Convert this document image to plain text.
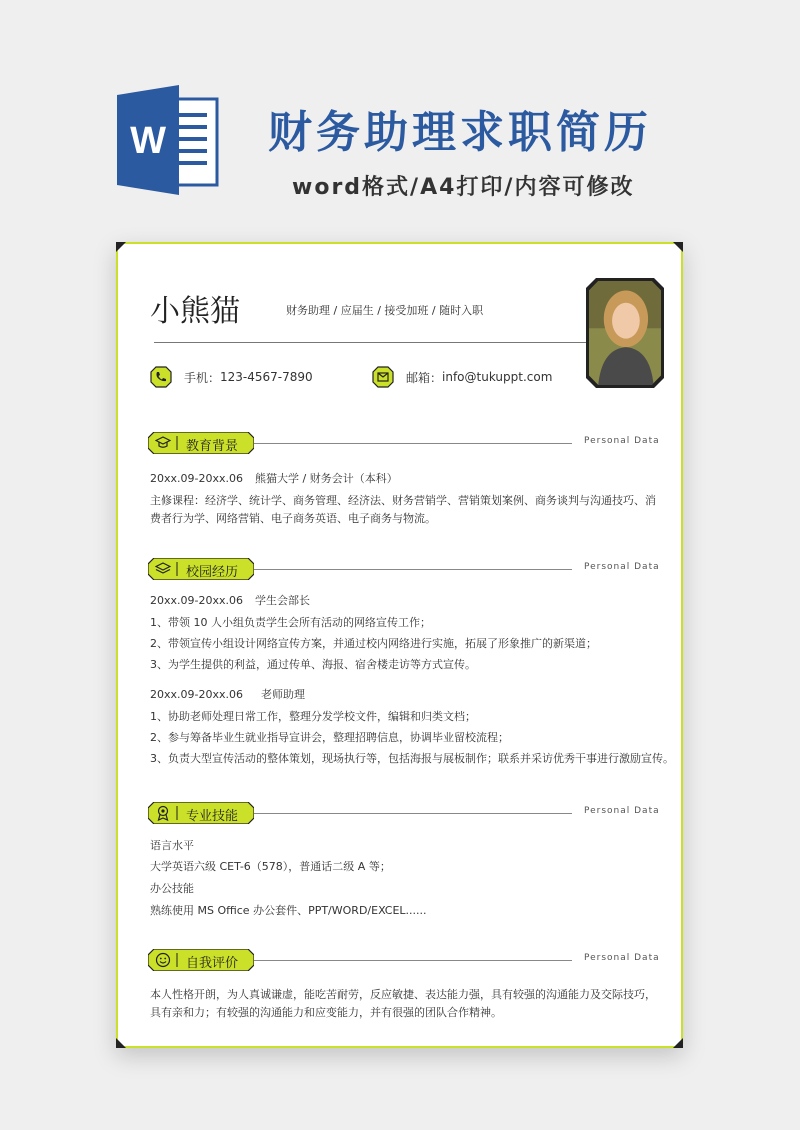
W 财务助理求职简历
word格式/A4打印/内容可修改
小熊猫	财务助理 / 应届生 / 接受加班 / 随时入职
手机： 123-4567-7890	邮箱： info@tukuppt.com
教育背景	Personal Data
20xx.09-20xx.06 熊猫大学 / 财务会计（本科）
主修课程：经济学、统计学、商务管理、经济法、财务营销学、营销策划案例、商务谈判与沟通技巧、消费者行为学、网络营销、电子商务英语、电子商务与物流。
校园经历	Personal Data
20xx.09-20xx.06 学生会部长
1、带领 10 人小组负责学生会所有活动的网络宣传工作；
2、带领宣传小组设计网络宣传方案，并通过校内网络进行实施，拓展了形象推广的新渠道；
3、为学生提供的利益，通过传单、海报、宿舍楼走访等方式宣传。
20xx.09-20xx.06 老师助理
1、协助老师处理日常工作，整理分发学校文件，编辑和归类文档；
2、参与筹备毕业生就业指导宣讲会，整理招聘信息，协调毕业留校流程；
3、负责大型宣传活动的整体策划，现场执行等，包括海报与展板制作；联系并采访优秀干事进行激励宣传。
专业技能	Personal Data
语言水平
大学英语六级 CET-6（578），普通话二级 A 等；
办公技能
熟练使用 MS Office 办公套件、PPT/WORD/EXCEL......
自我评价	Personal Data
本人性格开朗，为人真诚谦虚，能吃苦耐劳，反应敏捷、表达能力强，具有较强的沟通能力及交际技巧，具有亲和力；有较强的沟通能力和应变能力，并有很强的团队合作精神。
